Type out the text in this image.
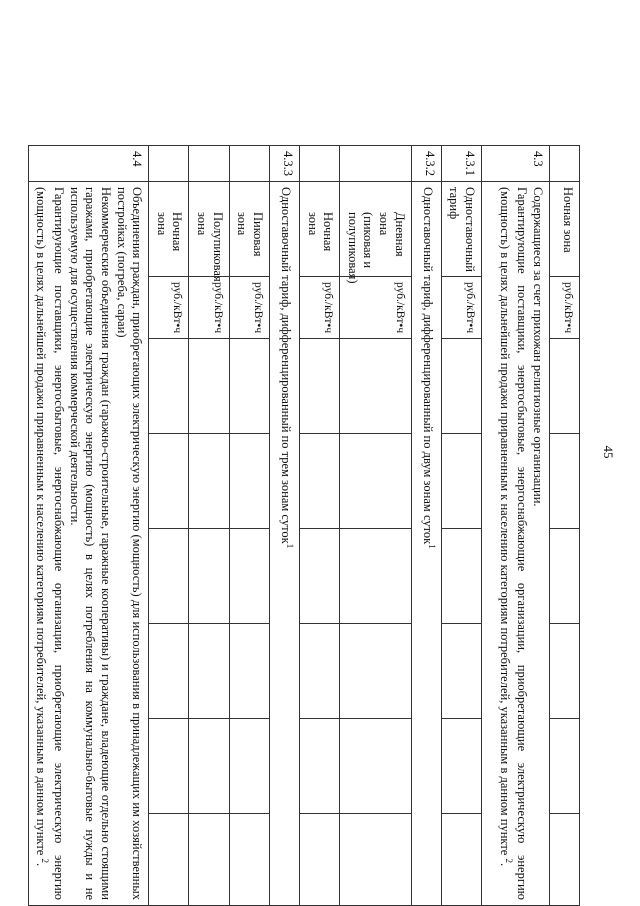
45
	Ночная зона	руб./кВт•ч						
4.3	Содержащиеся за счет прихожан религиозные организации.
Гарантирующие поставщики, энергосбытовые, энергоснабжающие организации, приобретающие электрическую энергию (мощность) в целях дальнейшей продажи приравненным к населению категориям потребителей, указанным в данном пункте $^2$.							
4.3.1	Одноставочный тариф	руб./кВт•ч						
4.3.2	Одноставочный тариф, дифференцированный по двум зонам суток$^1$
	Дневная зона (пиковая и полупиковая)	руб./кВт•ч						
	Ночная зона	руб./кВт•ч						
4.3.3	Одноставочный тариф, дифференцированный по трем зонам суток$^1$
	Пиковая зона	руб./кВт•ч						
	Полупиковая зона	руб./кВт•ч						
	Ночная зона	руб./кВт•ч						
4.4	Объединения граждан, приобретающих электрическую энергию (мощность) для использования в принадлежащих им хозяйственных постройках (погреба, сараи)
Некоммерческие объединения граждан (гаражно-строительные, гаражные кооперативы) и граждане, владеющие отдельно стоящими гаражами, приобретающие электрическую энергию (мощность) в целях потребления на коммунально-бытовые нужды и не используемую для осуществления коммерческой деятельности.
Гарантирующие поставщики, энергосбытовые, энергоснабжающие организации, приобретающие электрическую энергию (мощность) в целях дальнейшей продажи приравненным к населению категориям потребителей, указанным в данном пункте $^2$.							
